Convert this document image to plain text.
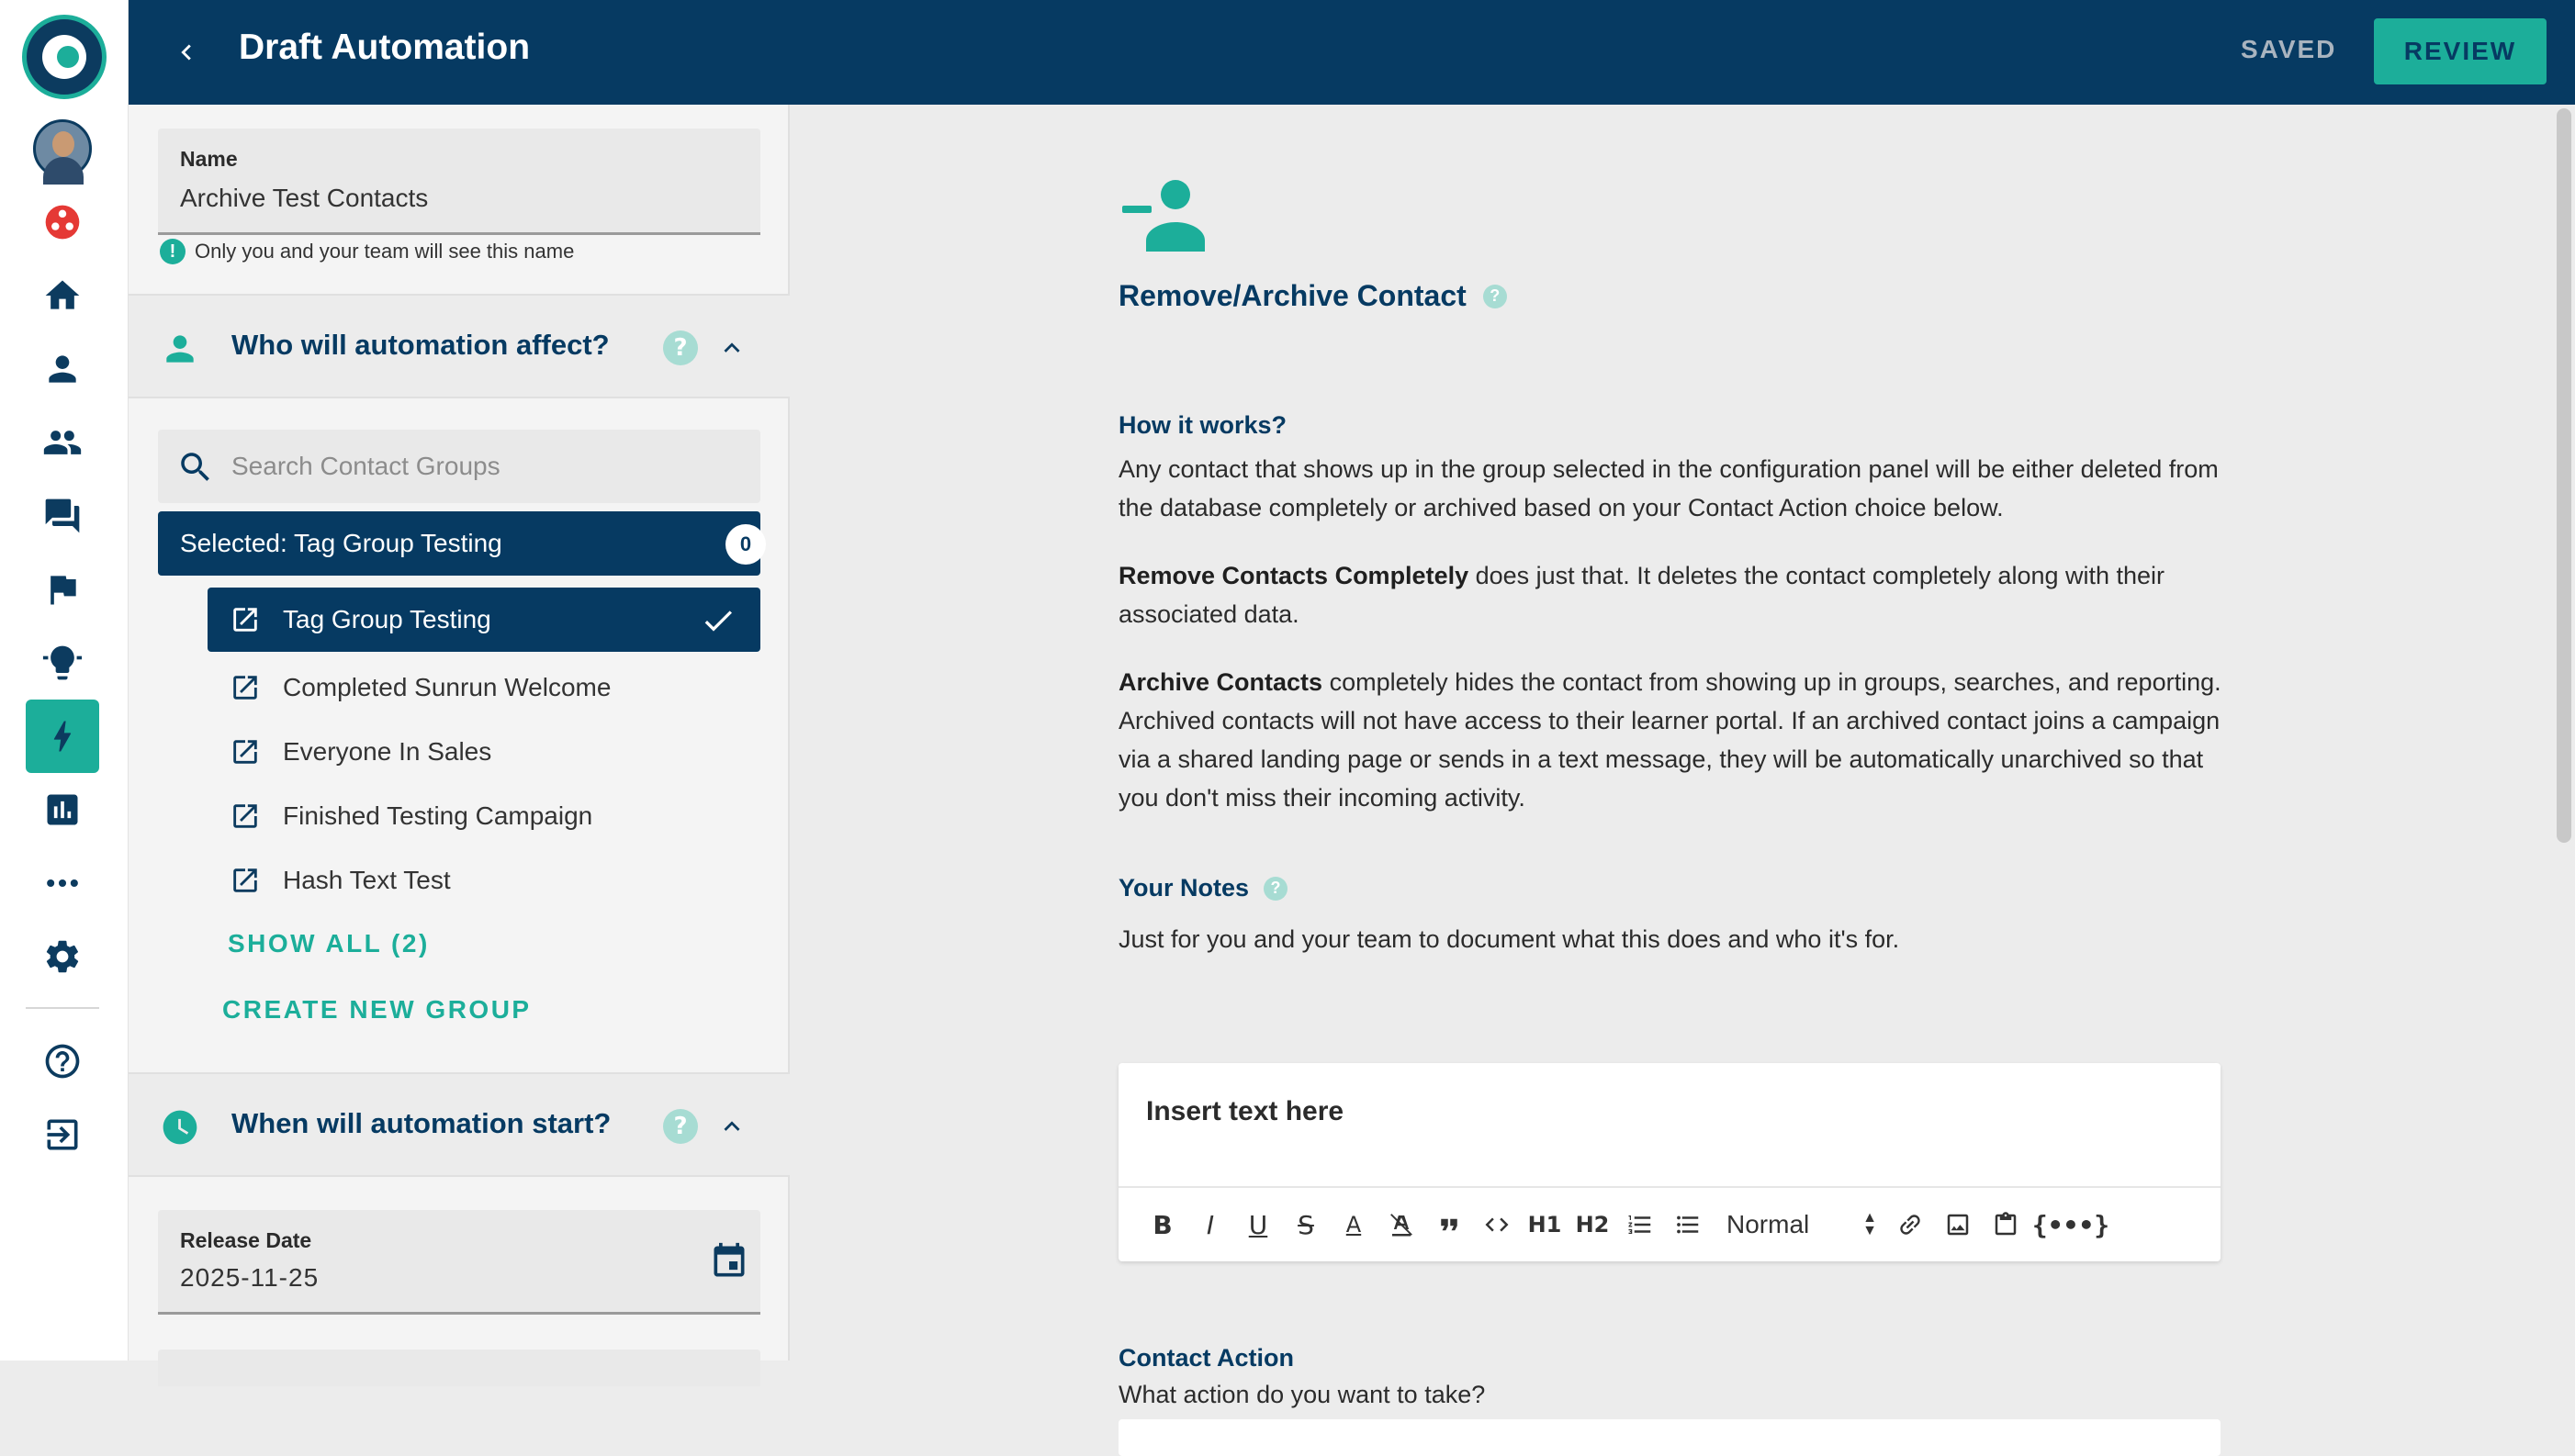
Draft Automation	SAVED	REVIEW
Name
Archive Test Contacts
! Only you and your team will see this name
Who will automation affect?	?
Search Contact Groups
Selected: Tag Group Testing	0
Tag Group Testing
Completed Sunrun Welcome
Everyone In Sales
Finished Testing Campaign
Hash Text Test
SHOW ALL (2)
CREATE NEW GROUP
When will automation start?	?
Release Date
2025-11-25
Remove/Archive Contact	?
How it works?
Any contact that shows up in the group selected in the configuration panel will be either deleted from the database completely or archived based on your Contact Action choice below.
Remove Contacts Completely does just that. It deletes the contact completely along with their associated data.
Archive Contacts completely hides the contact from showing up in groups, searches, and reporting. Archived contacts will not have access to their learner portal. If an archived contact joins a campaign via a shared landing page or sends in a text message, they will be automatically unarchived so that you don't miss their incoming activity.
Your Notes	?
Just for you and your team to document what this does and who it's for.
Insert text here
B	I	U	S	A	H1 H2	Normal	▲
▼	{•••}
Contact Action
What action do you want to take?
